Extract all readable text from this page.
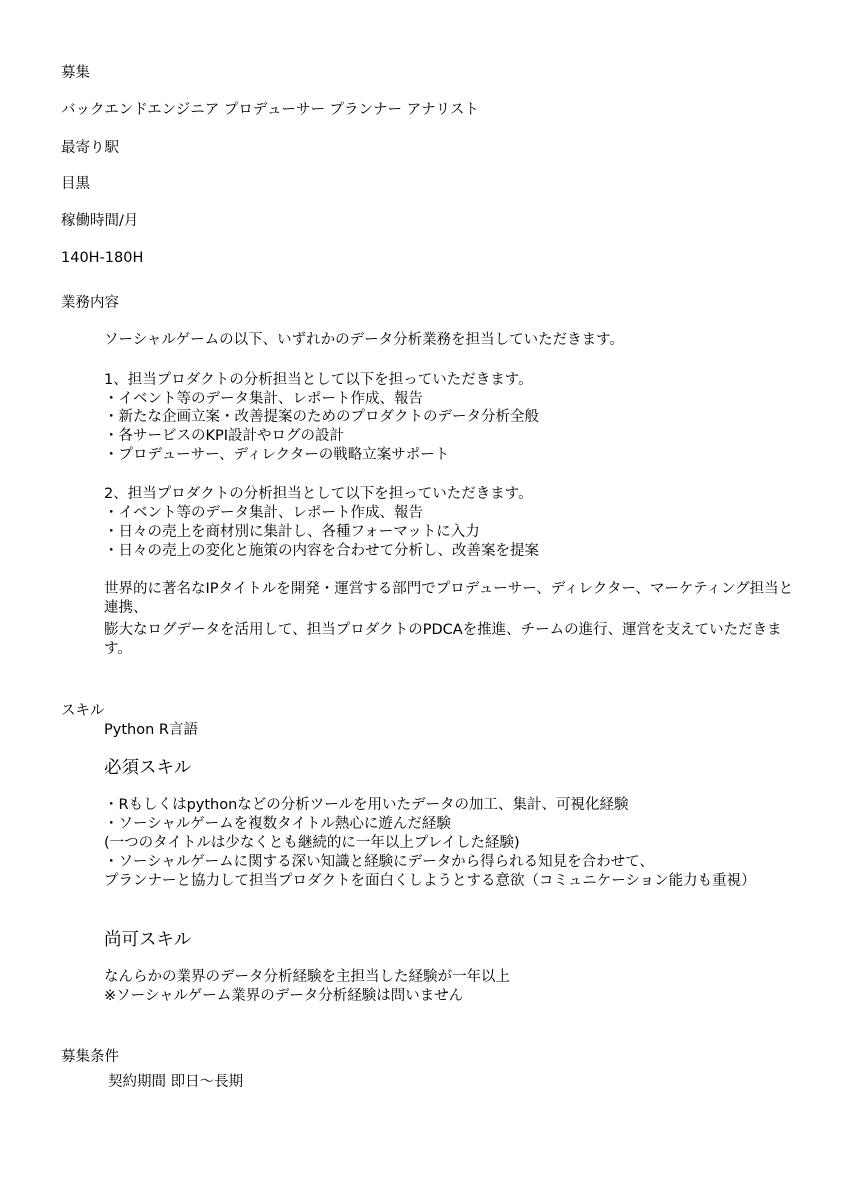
募集

バックエンドエンジニア プロデューサー プランナー アナリスト

最寄り駅

目黒

稼働時間/月

140H-180H

業務内容

ソーシャルゲームの以下、いずれかのデータ分析業務を担当していただきます。

1、担当プロダクトの分析担当として以下を担っていただきます。

・イベント等のデータ集計、レポート作成、報告

・新たな企画立案・改善提案のためのプロダクトのデータ分析全般

・各サービスのKPI設計やログの設計

・プロデューサー、ディレクターの戦略立案サポート

2、担当プロダクトの分析担当として以下を担っていただきます。

・イベント等のデータ集計、レポート作成、報告

・日々の売上を商材別に集計し、各種フォーマットに入力

・日々の売上の変化と施策の内容を合わせて分析し、改善案を提案

世界的に著名なIPタイトルを開発・運営する部門でプロデューサー、ディレクター、マーケティング担当と連携、

膨大なログデータを活用して、担当プロダクトのPDCAを推進、チームの進行、運営を支えていただきます。

スキル

Python R言語

必須スキル

・Rもしくはpythonなどの分析ツールを用いたデータの加工、集計、可視化経験

・ソーシャルゲームを複数タイトル熱心に遊んだ経験

(一つのタイトルは少なくとも継続的に一年以上プレイした経験)

・ソーシャルゲームに関する深い知識と経験にデータから得られる知見を合わせて、

プランナーと協力して担当プロダクトを面白くしようとする意欲（コミュニケーション能力も重視）

尚可スキル

なんらかの業界のデータ分析経験を主担当した経験が一年以上

※ソーシャルゲーム業界のデータ分析経験は問いません

募集条件

契約期間 即日〜長期
